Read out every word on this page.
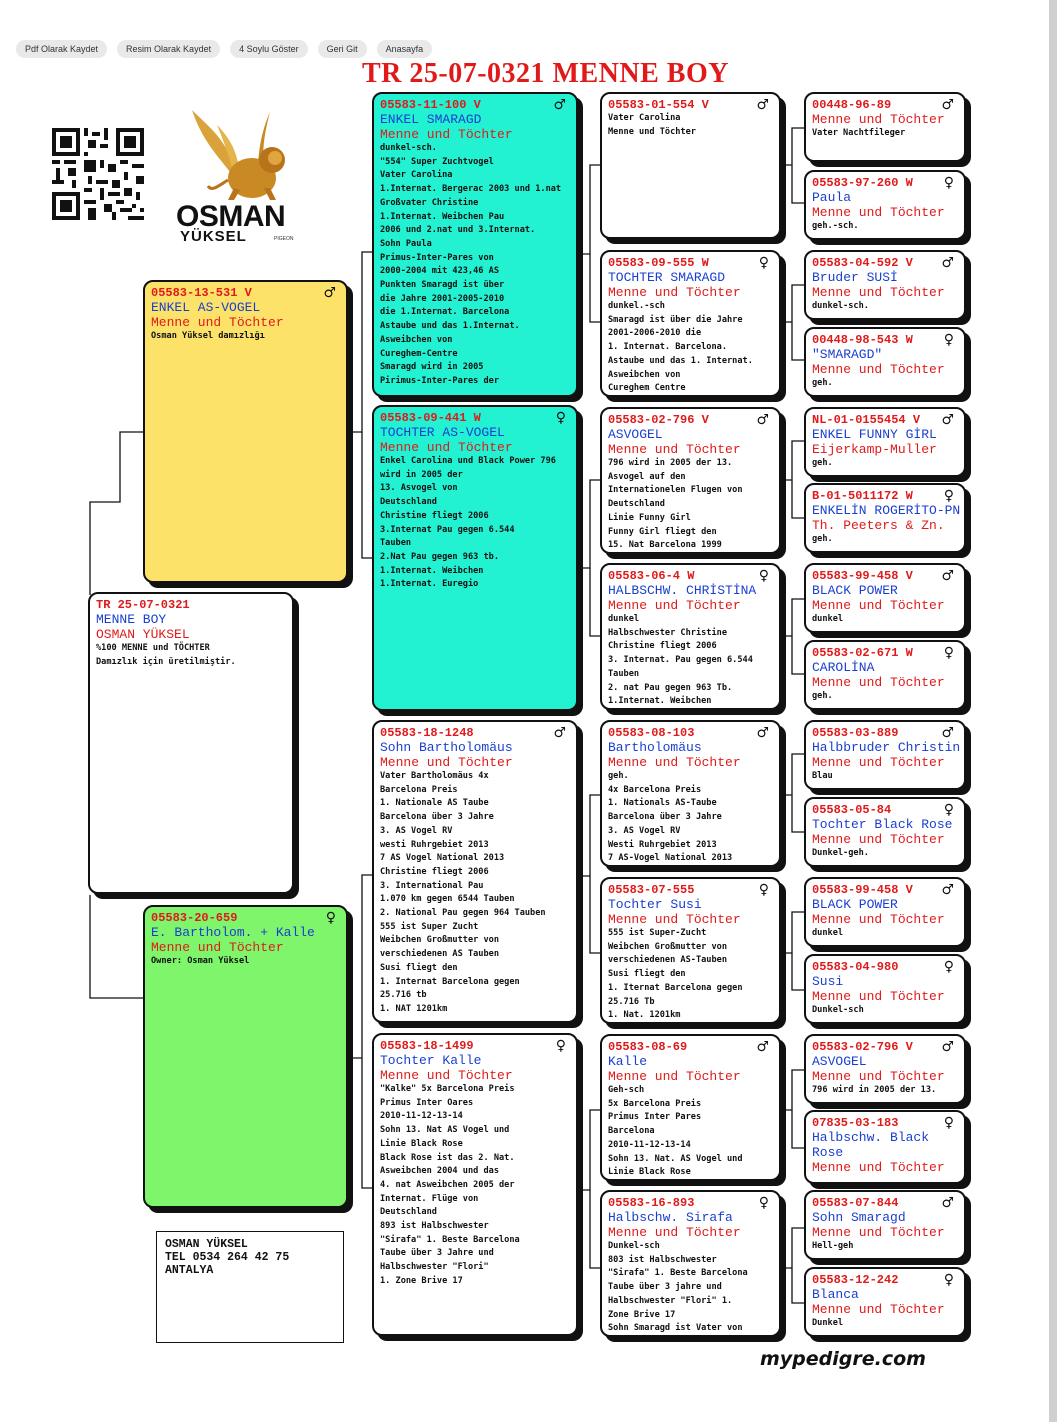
Pdf Olarak Kaydet	Resim Olarak Kaydet	4 Soylu Göster	Geri Git	Anasayfa
TR 25-07-0321 MENNE BOY
OSMAN
YÜKSEL	PIGEON
TR 25-07-0321
MENNE BOY
OSMAN YÜKSEL
%100 MENNE und TÖCHTER
Damızlık için üretilmiştir.
♂
05583-13-531 V
ENKEL AS-VOGEL
Menne und Töchter
Osman Yüksel damızlığı
♀
05583-20-659
E. Bartholom. + Kalle
Menne und Töchter
Owner: Osman Yüksel
♂
05583-11-100 V
ENKEL SMARAGD
Menne und Töchter
dunkel-sch.
"554" Super Zuchtvogel
Vater Carolina
1.Internat. Bergerac 2003 und 1.nat
Großvater Christine
1.Internat. Weibchen Pau
2006 und 2.nat und 3.Internat.
Sohn Paula
Primus-Inter-Pares von
2000-2004 mit 423,46 AS
Punkten Smaragd ist über
die Jahre 2001-2005-2010
die 1.Internat. Barcelona
Astaube und das 1.Internat.
Asweibchen von
Cureghem-Centre
Smaragd wird in 2005
Pirimus-Inter-Pares der
♀
05583-09-441 W
TOCHTER AS-VOGEL
Menne und Töchter
Enkel Carolina und Black Power 796
wird in 2005 der
13. Asvogel von
Deutschland
Christine fliegt 2006
3.Internat Pau gegen 6.544
Tauben
2.Nat Pau gegen 963 tb.
1.Internat. Weibchen
1.Internat. Euregio
♂
05583-18-1248
Sohn Bartholomäus
Menne und Töchter
Vater Bartholomäus 4x
Barcelona Preis
1. Nationale AS Taube
Barcelona über 3 Jahre
3. AS Vogel RV
westi Ruhrgebiet 2013
7 AS Vogel National 2013
Christine fliegt 2006
3. International Pau
1.070 km gegen 6544 Tauben
2. National Pau gegen 964 Tauben
555 ist Super Zucht
Weibchen Großmutter von
verschiedenen AS Tauben
Susi fliegt den
1. Internat Barcelona gegen
25.716 tb
1. NAT 1201km
♀
05583-18-1499
Tochter Kalle
Menne und Töchter
"Kalke" 5x Barcelona Preis
Primus Inter Oares
2010-11-12-13-14
Sohn 13. Nat AS Vogel und
Linie Black Rose
Black Rose ist das 2. Nat.
Asweibchen 2004 und das
4. nat Asweibchen 2005 der
Internat. Flüge von
Deutschland
893 ist Halbschwester
"Sirafa" 1. Beste Barcelona
Taube über 3 Jahre und
Halbschwester "Flori"
1. Zone Brive 17
♂
05583-01-554 V
Vater Carolina
Menne und Töchter
♀
05583-09-555 W
TOCHTER SMARAGD
Menne und Töchter
dunkel.-sch
Smaragd ist über die Jahre
2001-2006-2010 die
1. Internat. Barcelona.
Astaube und das 1. Internat.
Asweibchen von
Cureghem Centre
♂
05583-02-796 V
ASVOGEL
Menne und Töchter
796 wird in 2005 der 13.
Asvogel auf den
Internationelen Flugen von
Deutschland
Linie Funny Girl
Funny Girl fliegt den
15. Nat Barcelona 1999
♀
05583-06-4 W
HALBSCHW. CHRİSTİNA
Menne und Töchter
dunkel
Halbschwester Christine
Christine fliegt 2006
3. Internat. Pau gegen 6.544
Tauben
2. nat Pau gegen 963 Tb.
1.Internat. Weibchen
♂
05583-08-103
Bartholomäus
Menne und Töchter
geh.
4x Barcelona Preis
1. Nationals AS-Taube
Barcelona über 3 Jahre
3. AS Vogel RV
Westi Ruhrgebiet 2013
7 AS-Vogel National 2013
♀
05583-07-555
Tochter Susi
Menne und Töchter
555 ist Super-Zucht
Weibchen Großmutter von
verschiedenen AS-Tauben
Susi fliegt den
1. Iternat Barcelona gegen
25.716 Tb
1. Nat. 1201km
♂
05583-08-69
Kalle
Menne und Töchter
Geh-sch
5x Barcelona Preis
Primus Inter Pares
Barcelona
2010-11-12-13-14
Sohn 13. Nat. AS Vogel und
Linie Black Rose
♀
05583-16-893
Halbschw. Sirafa
Menne und Töchter
Dunkel-sch
803 ist Halbschwester
"Sirafa" 1. Beste Barcelona
Taube über 3 jahre und
Halbschwester "Flori" 1.
Zone Brive 17
Sohn Smaragd ist Vater von
♂
00448-96-89
Menne und Töchter
Vater Nachtfileger
♀
05583-97-260 W
Paula
Menne und Töchter
geh.-sch.
♂
05583-04-592 V
Bruder SUSİ
Menne und Töchter
dunkel-sch.
♀
00448-98-543 W
"SMARAGD"
Menne und Töchter
geh.
♂
NL-01-0155454 V
ENKEL FUNNY GİRL
Eijerkamp-Muller
geh.
♀
B-01-5011172 W
ENKELİN ROGERİTO-PN
Th. Peeters & Zn.
geh.
♂
05583-99-458 V
BLACK POWER
Menne und Töchter
dunkel
♀
05583-02-671 W
CAROLİNA
Menne und Töchter
geh.
♂
05583-03-889
Halbbruder Christin
Menne und Töchter
Blau
♀
05583-05-84
Tochter Black Rose
Menne und Töchter
Dunkel-geh.
♂
05583-99-458 V
BLACK POWER
Menne und Töchter
dunkel
♀
05583-04-980
Susi
Menne und Töchter
Dunkel-sch
♂
05583-02-796 V
ASVOGEL
Menne und Töchter
796 wird in 2005 der 13.
♀
07835-03-183
Halbschw. Black Rose
Menne und Töchter
♂
05583-07-844
Sohn Smaragd
Menne und Töchter
Hell-geh
♀
05583-12-242
Blanca
Menne und Töchter
Dunkel
OSMAN YÜKSEL
TEL 0534 264 42 75
ANTALYA
mypedigre.com
